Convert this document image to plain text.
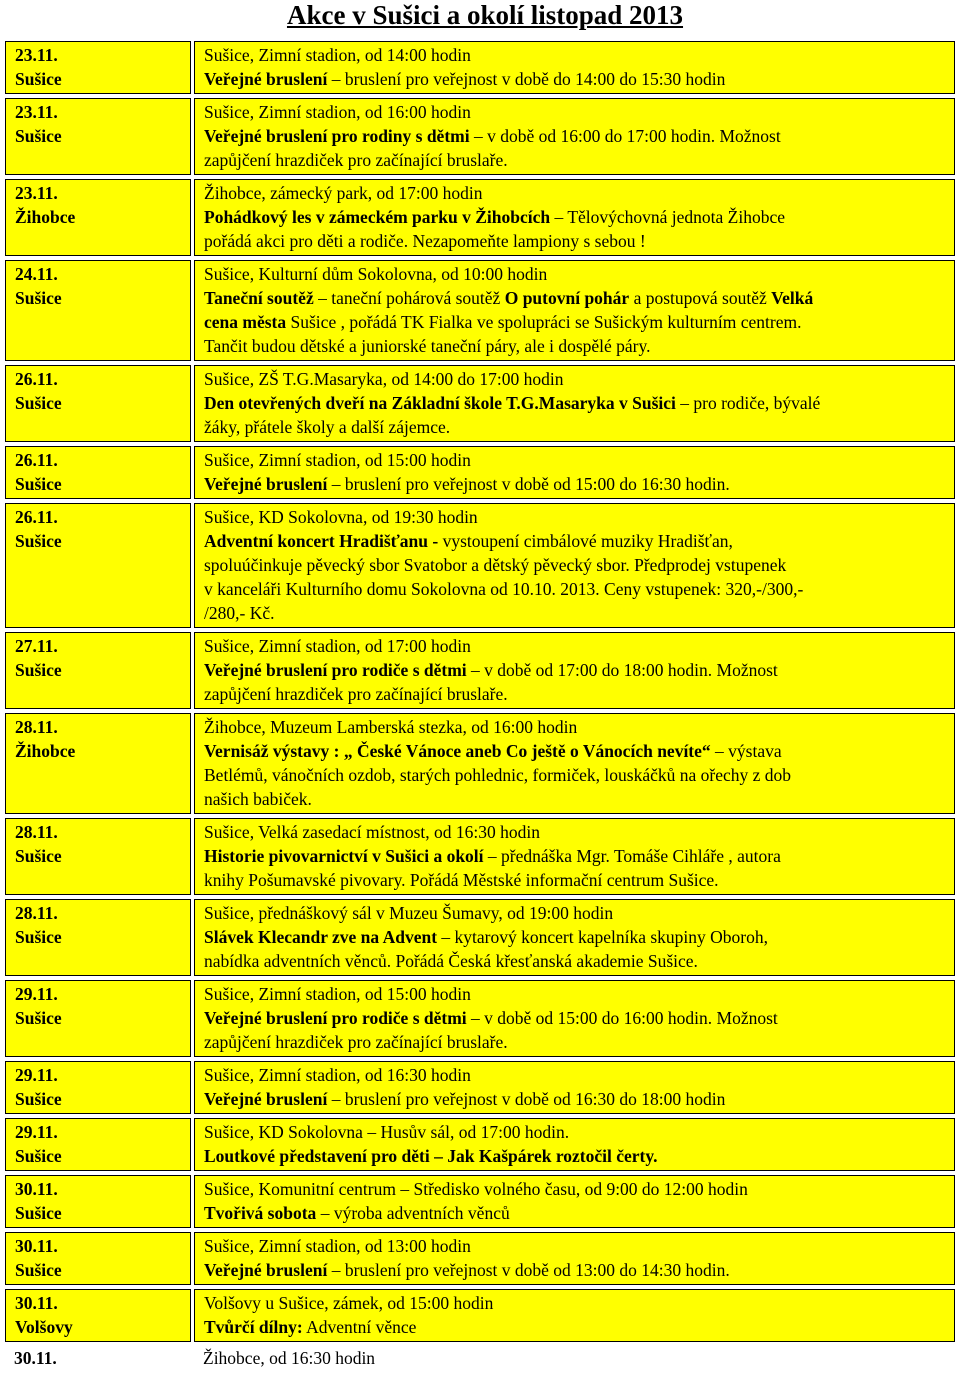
Akce v Sušici a okolí listopad 2013
23.11.
Sušice
Sušice, Zimní stadion, od 14:00 hodin
Veřejné bruslení – bruslení pro veřejnost v době do 14:00 do 15:30 hodin
23.11.
Sušice
Sušice, Zimní stadion, od 16:00 hodin
Veřejné bruslení pro rodiny s dětmi – v době od 16:00 do 17:00 hodin. Možnost
zapůjčení hrazdiček pro začínající bruslaře.
23.11.
Žihobce
Žihobce, zámecký park, od 17:00 hodin
Pohádkový les v zámeckém parku v Žihobcích – Tělovýchovná jednota Žihobce
pořádá akci pro děti a rodiče. Nezapomeňte lampiony s sebou !
24.11.
Sušice
Sušice, Kulturní dům Sokolovna, od 10:00 hodin
Taneční soutěž – taneční pohárová soutěž O putovní pohár a postupová soutěž Velká
cena města Sušice , pořádá TK Fialka ve spolupráci se Sušickým kulturním centrem.
Tančit budou dětské a juniorské taneční páry, ale i dospělé páry.
26.11.
Sušice
Sušice, ZŠ T.G.Masaryka, od 14:00 do 17:00 hodin
Den otevřených dveří na Základní škole T.G.Masaryka v Sušici – pro rodiče, bývalé
žáky, přátele školy a další zájemce.
26.11.
Sušice
Sušice, Zimní stadion, od 15:00 hodin
Veřejné bruslení – bruslení pro veřejnost v době od 15:00 do 16:30 hodin.
26.11.
Sušice
Sušice, KD Sokolovna, od 19:30 hodin
Adventní koncert Hradišťanu - vystoupení cimbálové muziky Hradišťan,
spoluúčinkuje pěvecký sbor Svatobor a dětský pěvecký sbor. Předprodej vstupenek
v kanceláři Kulturního domu Sokolovna od 10.10. 2013. Ceny vstupenek: 320,-/300,-
/280,- Kč.
27.11.
Sušice
Sušice, Zimní stadion, od 17:00 hodin
Veřejné bruslení pro rodiče s dětmi – v době od 17:00 do 18:00 hodin. Možnost
zapůjčení hrazdiček pro začínající bruslaře.
28.11.
Žihobce
Žihobce, Muzeum Lamberská stezka, od 16:00 hodin
Vernisáž výstavy : „ České Vánoce aneb Co ještě o Vánocích nevíte“ – výstava
Betlémů, vánočních ozdob, starých pohlednic, formiček, louskáčků na ořechy z dob
našich babiček.
28.11.
Sušice
Sušice, Velká zasedací místnost, od 16:30 hodin
Historie pivovarnictví v Sušici a okolí – přednáška Mgr. Tomáše Cihláře , autora
knihy Pošumavské pivovary. Pořádá Městské informační centrum Sušice.
28.11.
Sušice
Sušice, přednáškový sál v Muzeu Šumavy, od 19:00 hodin
Slávek Klecandr zve na Advent – kytarový koncert kapelníka skupiny Oboroh,
nabídka adventních věnců. Pořádá Česká křesťanská akademie Sušice.
29.11.
Sušice
Sušice, Zimní stadion, od 15:00 hodin
Veřejné bruslení pro rodiče s dětmi – v době od 15:00 do 16:00 hodin. Možnost
zapůjčení hrazdiček pro začínající bruslaře.
29.11.
Sušice
Sušice, Zimní stadion, od 16:30 hodin
Veřejné bruslení – bruslení pro veřejnost v době od 16:30 do 18:00 hodin
29.11.
Sušice
Sušice, KD Sokolovna – Husův sál, od 17:00 hodin.
Loutkové představení pro děti – Jak Kašpárek roztočil čerty.
30.11.
Sušice
Sušice, Komunitní centrum – Středisko volného času, od 9:00 do 12:00 hodin
Tvořivá sobota – výroba adventních věnců
30.11.
Sušice
Sušice, Zimní stadion, od 13:00 hodin
Veřejné bruslení – bruslení pro veřejnost v době od 13:00 do 14:30 hodin.
30.11.
Volšovy
Volšovy u Sušice, zámek, od 15:00 hodin
Tvůrčí dílny: Adventní věnce
30.11.	Žihobce, od 16:30 hodin
